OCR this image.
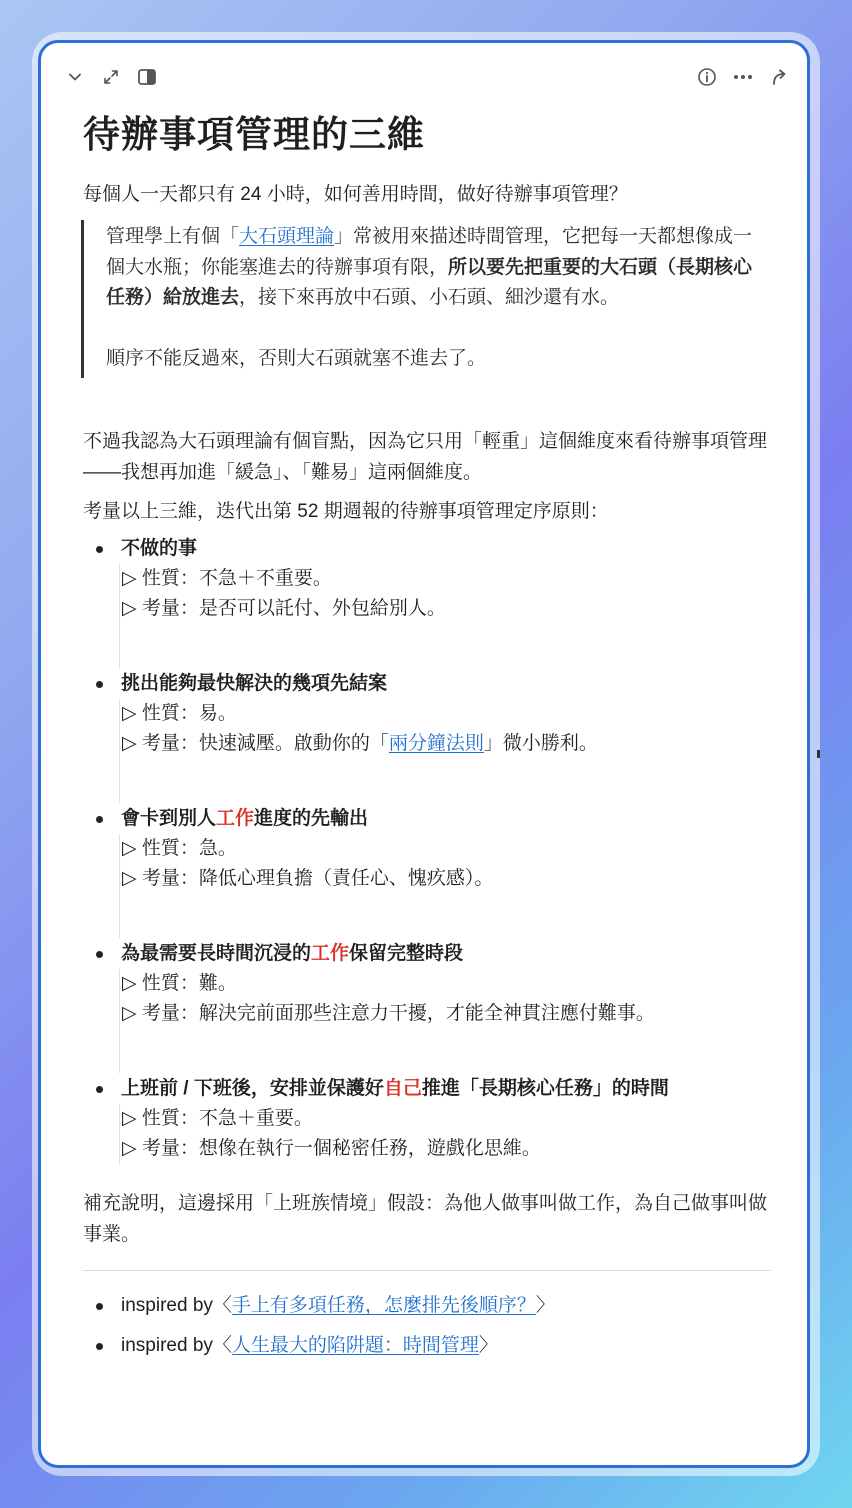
待辦事項管理的三維

每個人一天都只有 24 小時，如何善用時間，做好待辦事項管理？

管理學上有個「大石頭理論」常被用來描述時間管理，它把每一天都想像成一個大水瓶；你能塞進去的待辦事項有限，所以要先把重要的大石頭（長期核心任務）給放進去，接下來再放中石頭、小石頭、細沙還有水。

順序不能反過來，否則大石頭就塞不進去了。

不過我認為大石頭理論有個盲點，因為它只用「輕重」這個維度來看待辦事項管理——我想再加進「緩急」、「難易」這兩個維度。

考量以上三維，迭代出第 52 期週報的待辦事項管理定序原則：

不做的事

▷ 性質：不急＋不重要。

▷ 考量：是否可以託付、外包給別人。

挑出能夠最快解決的幾項先結案

▷ 性質：易。

▷ 考量：快速減壓。啟動你的「兩分鐘法則」微小勝利。

會卡到別人工作進度的先輸出

▷ 性質：急。

▷ 考量：降低心理負擔（責任心、愧疚感）。

為最需要長時間沉浸的工作保留完整時段

▷ 性質：難。

▷ 考量：解決完前面那些注意力干擾，才能全神貫注應付難事。

上班前 / 下班後，安排並保護好自己推進「長期核心任務」的時間

▷ 性質：不急＋重要。

▷ 考量：想像在執行一個秘密任務，遊戲化思維。

補充說明，這邊採用「上班族情境」假設：為他人做事叫做工作，為自己做事叫做事業。

inspired by〈手上有多項任務，怎麼排先後順序？〉
inspired by〈人生最大的陷阱題：時間管理〉
